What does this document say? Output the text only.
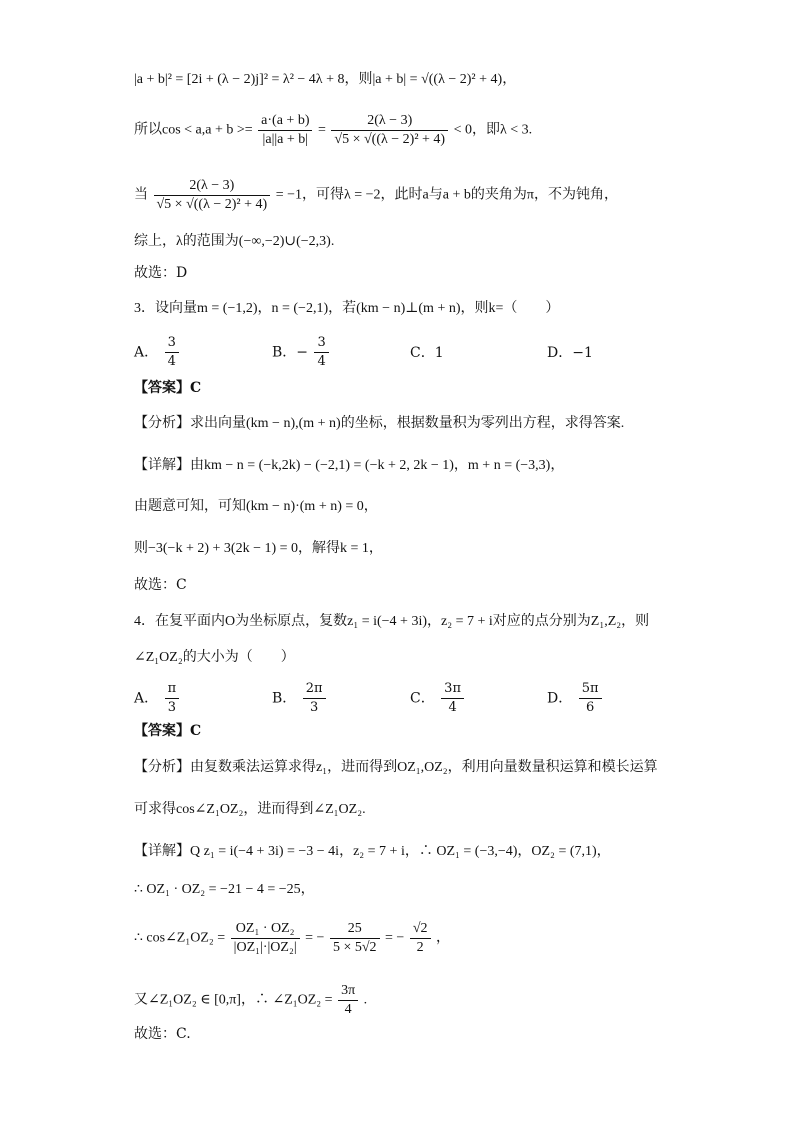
|a + b|² = [2i + (λ − 2)j]² = λ² − 4λ + 8，则|a + b| = √((λ − 2)² + 4)，
所以$\cos < a,a + b >= \frac{a\cdot(a + b)}{|a||a + b|} = \frac{2(\lambda - 3)}{\text{√5 × √((λ − 2)² + 4)}} < 0$，即λ < 3.
当 $\frac{2(\lambda - 3)}{\text{√5 × √((λ − 2)² + 4)}} = -1$，可得λ = −2，此时a与a + b的夹角为π，不为钝角，
综上，λ的范围为(−∞,−2)∪(−2,3).
故选：D
3．设向量m = (−1,2)，n = (−2,1)，若(km − n)⊥(m + n)，则k=（　　）
A． $\frac{3}{4}$	B．− $\frac{3}{4}$	C．1	D．−1
【答案】C
【分析】求出向量(km − n),(m + n)的坐标，根据数量积为零列出方程，求得答案.
【详解】由km − n = (−k,2k) − (−2,1) = (−k + 2, 2k − 1)，m + n = (−3,3)，
由题意可知，可知(km − n)·(m + n) = 0，
则−3(−k + 2) + 3(2k − 1) = 0，解得k = 1，
故选：C
4．在复平面内O为坐标原点，复数z₁ = i(−4 + 3i)，z₂ = 7 + i对应的点分别为Z₁,Z₂，则
∠Z₁OZ₂的大小为（　　）
A． $\frac{\pi}{3}$	B． $\frac{2\pi}{3}$	C． $\frac{3\pi}{4}$	D． $\frac{5\pi}{6}$
【答案】C
【分析】由复数乘法运算求得z₁，进而得到OZ₁,OZ₂，利用向量数量积运算和模长运算
可求得cos∠Z₁OZ₂，进而得到∠Z₁OZ₂.
【详解】Q z₁ = i(−4 + 3i) = −3 − 4i，z₂ = 7 + i，∴ OZ₁ = (−3,−4)，OZ₂ = (7,1)，
∴ OZ₁ · OZ₂ = −21 − 4 = −25，
∴ cos∠Z₁OZ₂ = $\frac{\text{OZ₁ · OZ₂}}{\text{|OZ₁|·|OZ₂|}}$ = − $\frac{25}{5 \times 5√2}$ = − $\frac{√2}{2}$ ，
又∠Z₁OZ₂ ∈ [0,π]，∴ ∠Z₁OZ₂ = $\frac{3\pi}{4}$ .
故选：C.
